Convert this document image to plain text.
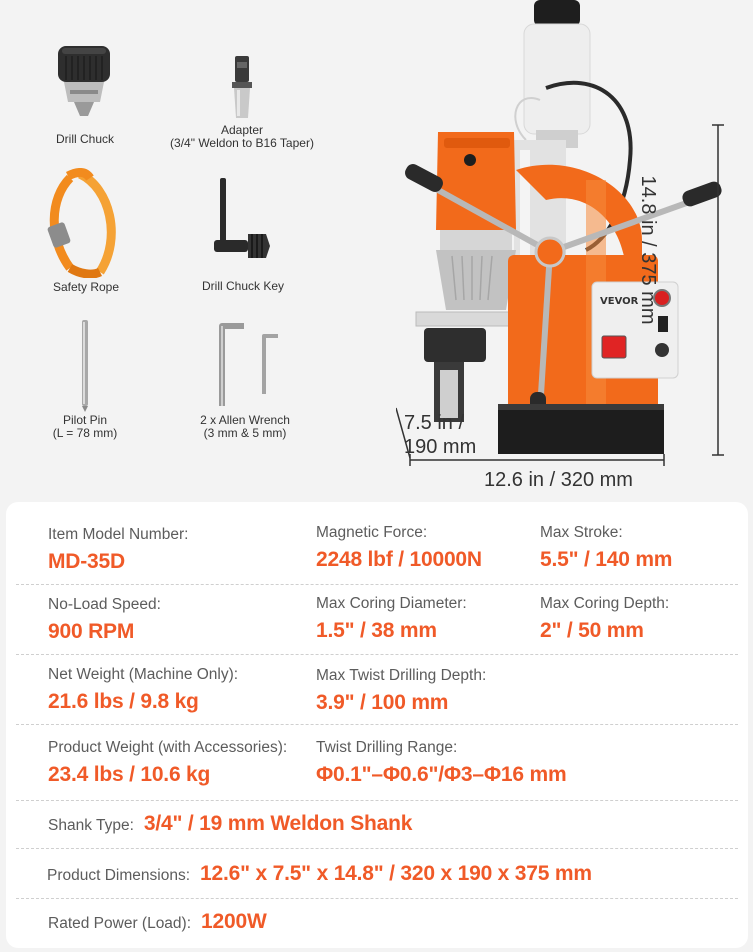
Drill Chuck
Adapter
(3/4" Weldon to B16 Taper)
Safety Rope	Drill Chuck Key
Pilot Pin
(L = 78 mm)
2 x Allen Wrench
(3 mm & 5 mm)
VEVOR
14.8 in / 375 mm
7.5 in /
190 mm
12.6 in / 320 mm
Item Model Number:
MD-35D
Magnetic Force:
2248 lbf / 10000N
Max Stroke:
5.5" / 140 mm
No-Load Speed:
900 RPM
Max Coring Diameter:
1.5" / 38 mm
Max Coring Depth:
2" / 50 mm
Net Weight (Machine Only):
21.6 lbs / 9.8 kg
Max Twist Drilling Depth:
3.9" / 100 mm
Product Weight (with Accessories):
23.4 lbs / 10.6 kg
Twist Drilling Range:
Φ0.1"–Φ0.6"/Φ3–Φ16 mm
Shank Type: 3/4" / 19 mm Weldon Shank
Product Dimensions: 12.6" x 7.5" x 14.8" / 320 x 190 x 375 mm
Rated Power (Load): 1200W
